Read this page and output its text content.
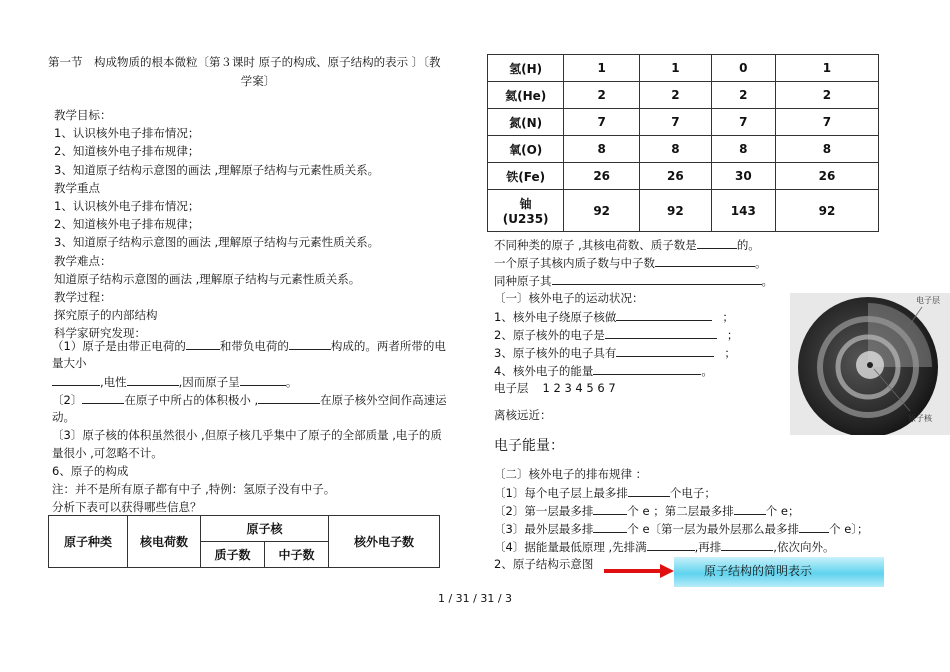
第一节　构成物质的根本微粒〔第３课时 原子的构成、原子结构的表示 〕〔教
学案〕
教学目标：
1、认识核外电子排布情况；
2、知道核外电子排布规律；
3、知道原子结构示意图的画法 ,理解原子结构与元素性质关系。
教学重点
1、认识核外电子排布情况；
2、知道核外电子排布规律；
3、知道原子结构示意图的画法 ,理解原子结构与元素性质关系。
教学难点：
知道原子结构示意图的画法 ,理解原子结构与元素性质关系。
教学过程：
探究原子的内部结构
科学家研究发现：
（1）原子是由带正电荷的	和带负电荷的	构成的。两者所带的电
量大小
,电性	,因而原子呈	。
〔2〕	在原子中所占的体积极小 ,	在原子核外空间作高速运
动。
〔3〕原子核的体积虽然很小 ,但原子核几乎集中了原子的全部质量 ,电子的质
量很小 ,可忽略不计。
6、原子的构成
注：并不是所有原子都有中子 ,特例：氢原子没有中子。
分析下表可以获得哪些信息？
原子种类	核电荷数	原子核		核外电子数
		质子数	中子数	
氢(H)	1	1	0	1
氦(He)	2	2	2	2
氮(N)	7	7	7	7
氧(O)	8	8	8	8
铁(Fe)	26	26	30	26
铀
(U235)	92	92	143	92
不同种类的原子 ,其核电荷数、质子数是	的。
一个原子其核内质子数与中子数	。
同种原子其	。
〔一〕核外电子的运动状况：
1、核外电子绕原子核做	；
2、原子核外的电子是	；
3、原子核外的电子具有	；
4、核外电子的能量	。
电子层 1 2 3 4 5 6 7
离核远近：
电子能量：
〔二〕核外电子的排布规律 ：
〔1〕每个电子层上最多排	个电子；
〔2〕第一层最多排	个 e ；第二层最多排	个 e；
〔3〕最外层最多排	个 e〔第一层为最外层那么最多排	个 e〕；
〔4〕据能量最低原理 ,先排满	,再排	,依次向外。
2、原子结构示意图	原子结构的简明表示
电子层
原子核
1 / 31 / 31 / 3
